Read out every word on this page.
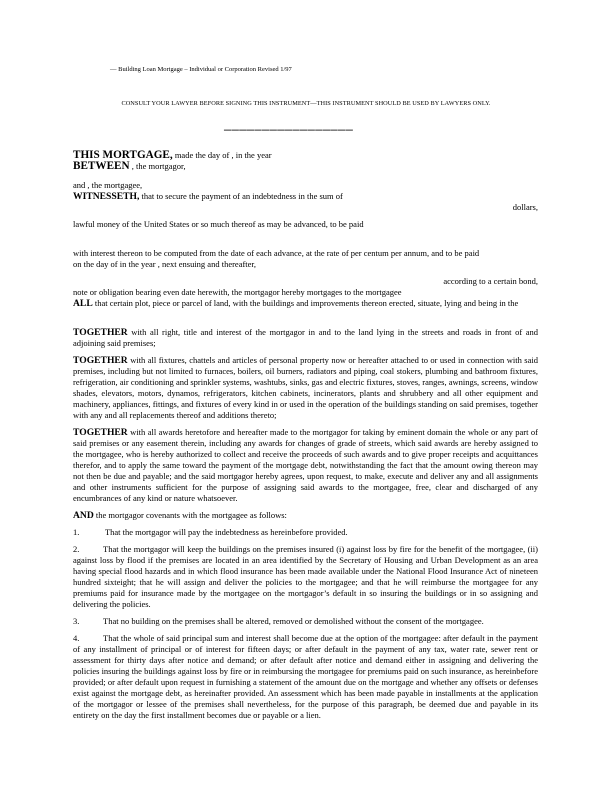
— Building Loan Mortgage – Individual or Corporation Revised 1/97
CONSULT YOUR LAWYER BEFORE SIGNING THIS INSTRUMENT—THIS INSTRUMENT SHOULD BE USED BY LAWYERS ONLY.
—————————————————
THIS MORTGAGE, made the day of , in the year
BETWEEN , the mortgagor,
and , the mortgagee,
WITNESSETH, that to secure the payment of an indebtedness in the sum of
dollars,
lawful money of the United States or so much thereof as may be advanced, to be paid
with interest thereon to be computed from the date of each advance, at the rate of per centum per annum, and to be paid
on the day of in the year , next ensuing and thereafter,
according to a certain bond,
note or obligation bearing even date herewith, the mortgagor hereby mortgages to the mortgagee

ALL that certain plot, piece or parcel of land, with the buildings and improvements thereon erected, situate, lying and being in the

TOGETHER with all right, title and interest of the mortgagor in and to the land lying in the streets and roads in front of and adjoining said premises;

TOGETHER with all fixtures, chattels and articles of personal property now or hereafter attached to or used in connection with said premises, including but not limited to furnaces, boilers, oil burners, radiators and piping, coal stokers, plumbing and bathroom fixtures, refrigeration, air conditioning and sprinkler systems, washtubs, sinks, gas and electric fixtures, stoves, ranges, awnings, screens, window shades, elevators, motors, dynamos, refrigerators, kitchen cabinets, incinerators, plants and shrubbery and all other equipment and machinery, appliances, fittings, and fixtures of every kind in or used in the operation of the buildings standing on said premises, together with any and all replacements thereof and additions thereto;

TOGETHER with all awards heretofore and hereafter made to the mortgagor for taking by eminent domain the whole or any part of said premises or any easement therein, including any awards for changes of grade of streets, which said awards are hereby assigned to the mortgagee, who is hereby authorized to collect and receive the proceeds of such awards and to give proper receipts and acquittances therefor, and to apply the same toward the payment of the mortgage debt, notwithstanding the fact that the amount owing thereon may not then be due and payable; and the said mortgagor hereby agrees, upon request, to make, execute and deliver any and all assignments and other instruments sufficient for the purpose of assigning said awards to the mortgagee, free, clear and discharged of any encumbrances of any kind or nature whatsoever.

AND the mortgagor covenants with the mortgagee as follows:

1.	That the mortgagor will pay the indebtedness as hereinbefore provided.

2.	That the mortgagor will keep the buildings on the premises insured (i) against loss by fire for the benefit of the mortgagee, (ii) against loss by flood if the premises are located in an area identified by the Secretary of Housing and Urban Development as an area having special flood hazards and in which flood insurance has been made available under the National Flood Insurance Act of nineteen hundred sixteight; that he will assign and deliver the policies to the mortgagee; and that he will reimburse the mortgagee for any premiums paid for insurance made by the mortgagee on the mortgagor’s default in so insuring the buildings or in so assigning and delivering the policies.

3.	That no building on the premises shall be altered, removed or demolished without the consent of the mortgagee.

4.	That the whole of said principal sum and interest shall become due at the option of the mortgagee: after default in the payment of any installment of principal or of interest for fifteen days; or after default in the payment of any tax, water rate, sewer rent or assessment for thirty days after notice and demand; or after default after notice and demand either in assigning and delivering the policies insuring the buildings against loss by fire or in reimbursing the mortgagee for premiums paid on such insurance, as hereinbefore provided; or after default upon request in furnishing a statement of the amount due on the mortgage and whether any offsets or defenses exist against the mortgage debt, as hereinafter provided. An assessment which has been made payable in installments at the application of the mortgagor or lessee of the premises shall nevertheless, for the purpose of this paragraph, be deemed due and payable in its entirety on the day the first installment becomes due or payable or a lien.
